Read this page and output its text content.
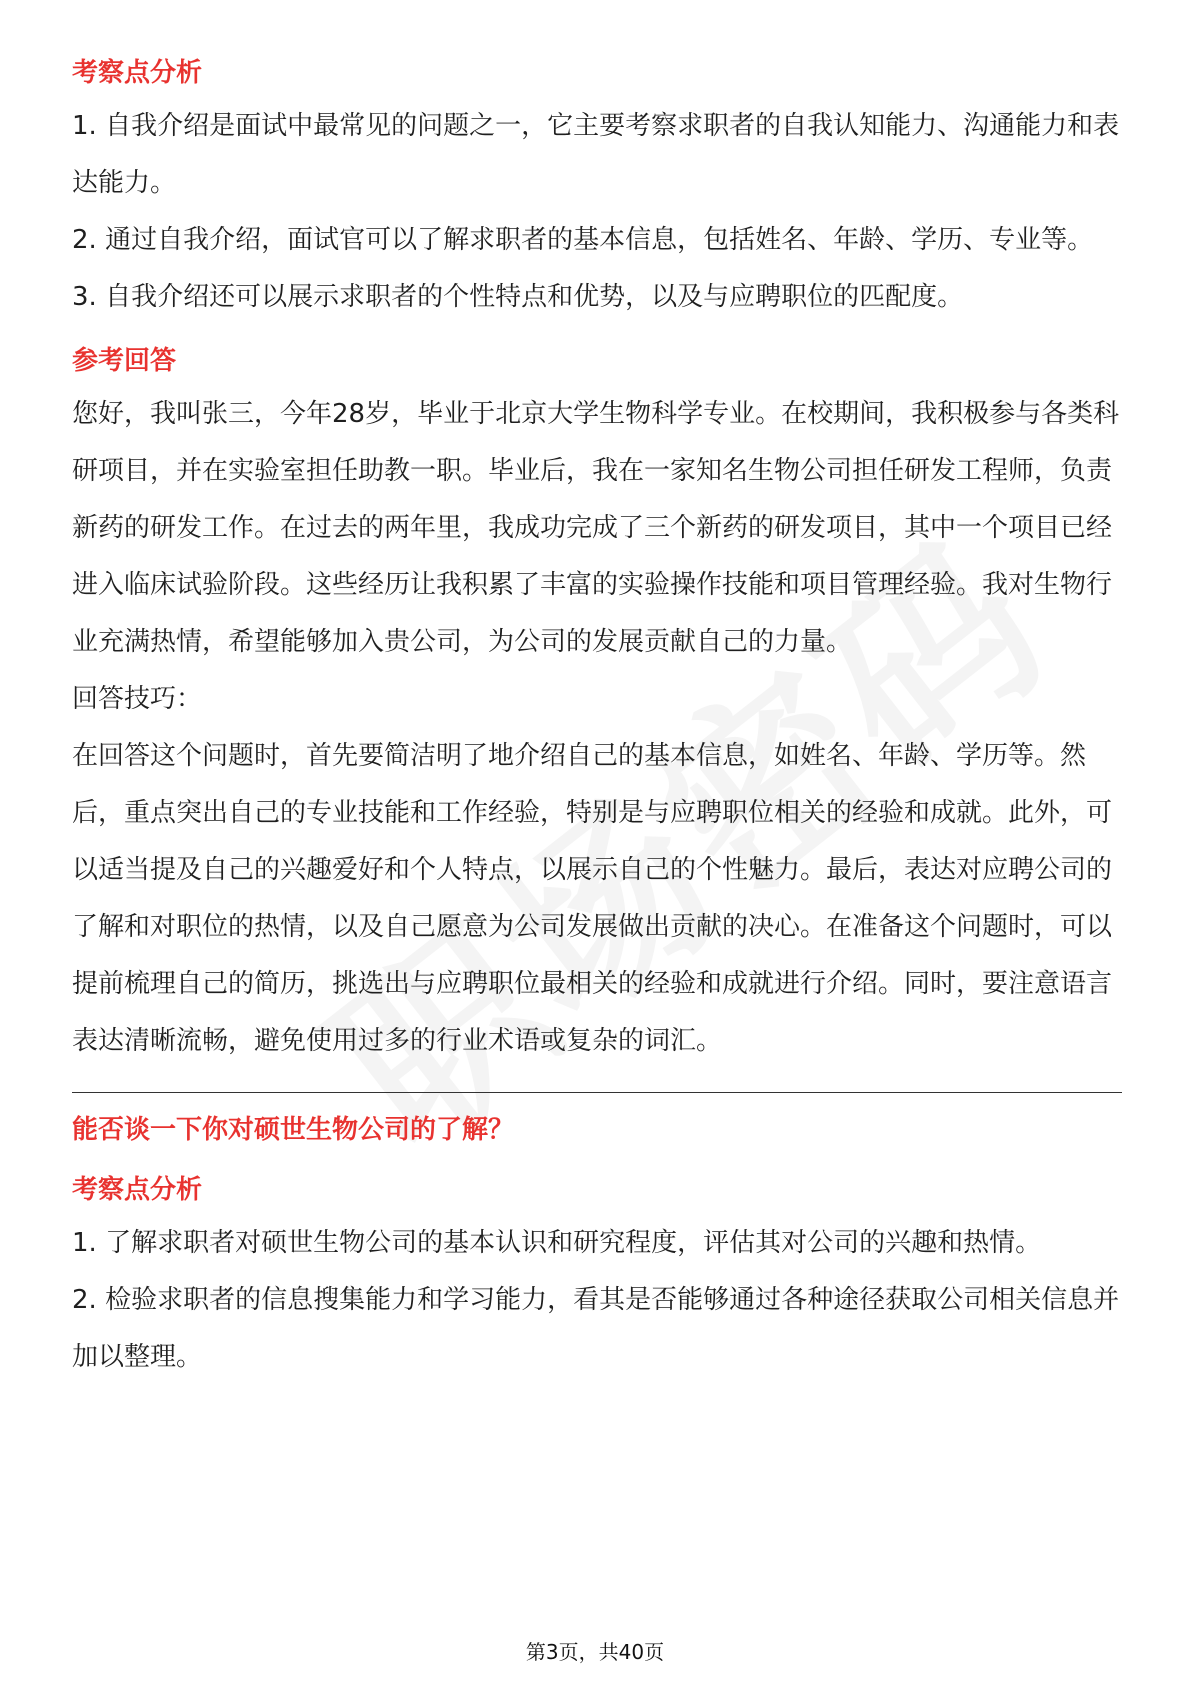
考察点分析

1. 自我介绍是面试中最常见的问题之一，它主要考察求职者的自我认知能力、沟通能力和表达能力。

2. 通过自我介绍，面试官可以了解求职者的基本信息，包括姓名、年龄、学历、专业等。

3. 自我介绍还可以展示求职者的个性特点和优势，以及与应聘职位的匹配度。

参考回答

您好，我叫张三，今年28岁，毕业于北京大学生物科学专业。在校期间，我积极参与各类科研项目，并在实验室担任助教一职。毕业后，我在一家知名生物公司担任研发工程师，负责新药的研发工作。在过去的两年里，我成功完成了三个新药的研发项目，其中一个项目已经进入临床试验阶段。这些经历让我积累了丰富的实验操作技能和项目管理经验。我对生物行业充满热情，希望能够加入贵公司，为公司的发展贡献自己的力量。

回答技巧：

在回答这个问题时，首先要简洁明了地介绍自己的基本信息，如姓名、年龄、学历等。然后，重点突出自己的专业技能和工作经验，特别是与应聘职位相关的经验和成就。此外，可以适当提及自己的兴趣爱好和个人特点，以展示自己的个性魅力。最后，表达对应聘公司的了解和对职位的热情，以及自己愿意为公司发展做出贡献的决心。在准备这个问题时，可以提前梳理自己的简历，挑选出与应聘职位最相关的经验和成就进行介绍。同时，要注意语言表达清晰流畅，避免使用过多的行业术语或复杂的词汇。

能否谈一下你对硕世生物公司的了解？

考察点分析

1. 了解求职者对硕世生物公司的基本认识和研究程度，评估其对公司的兴趣和热情。

2. 检验求职者的信息搜集能力和学习能力，看其是否能够通过各种途径获取公司相关信息并加以整理。

第3页，共40页
